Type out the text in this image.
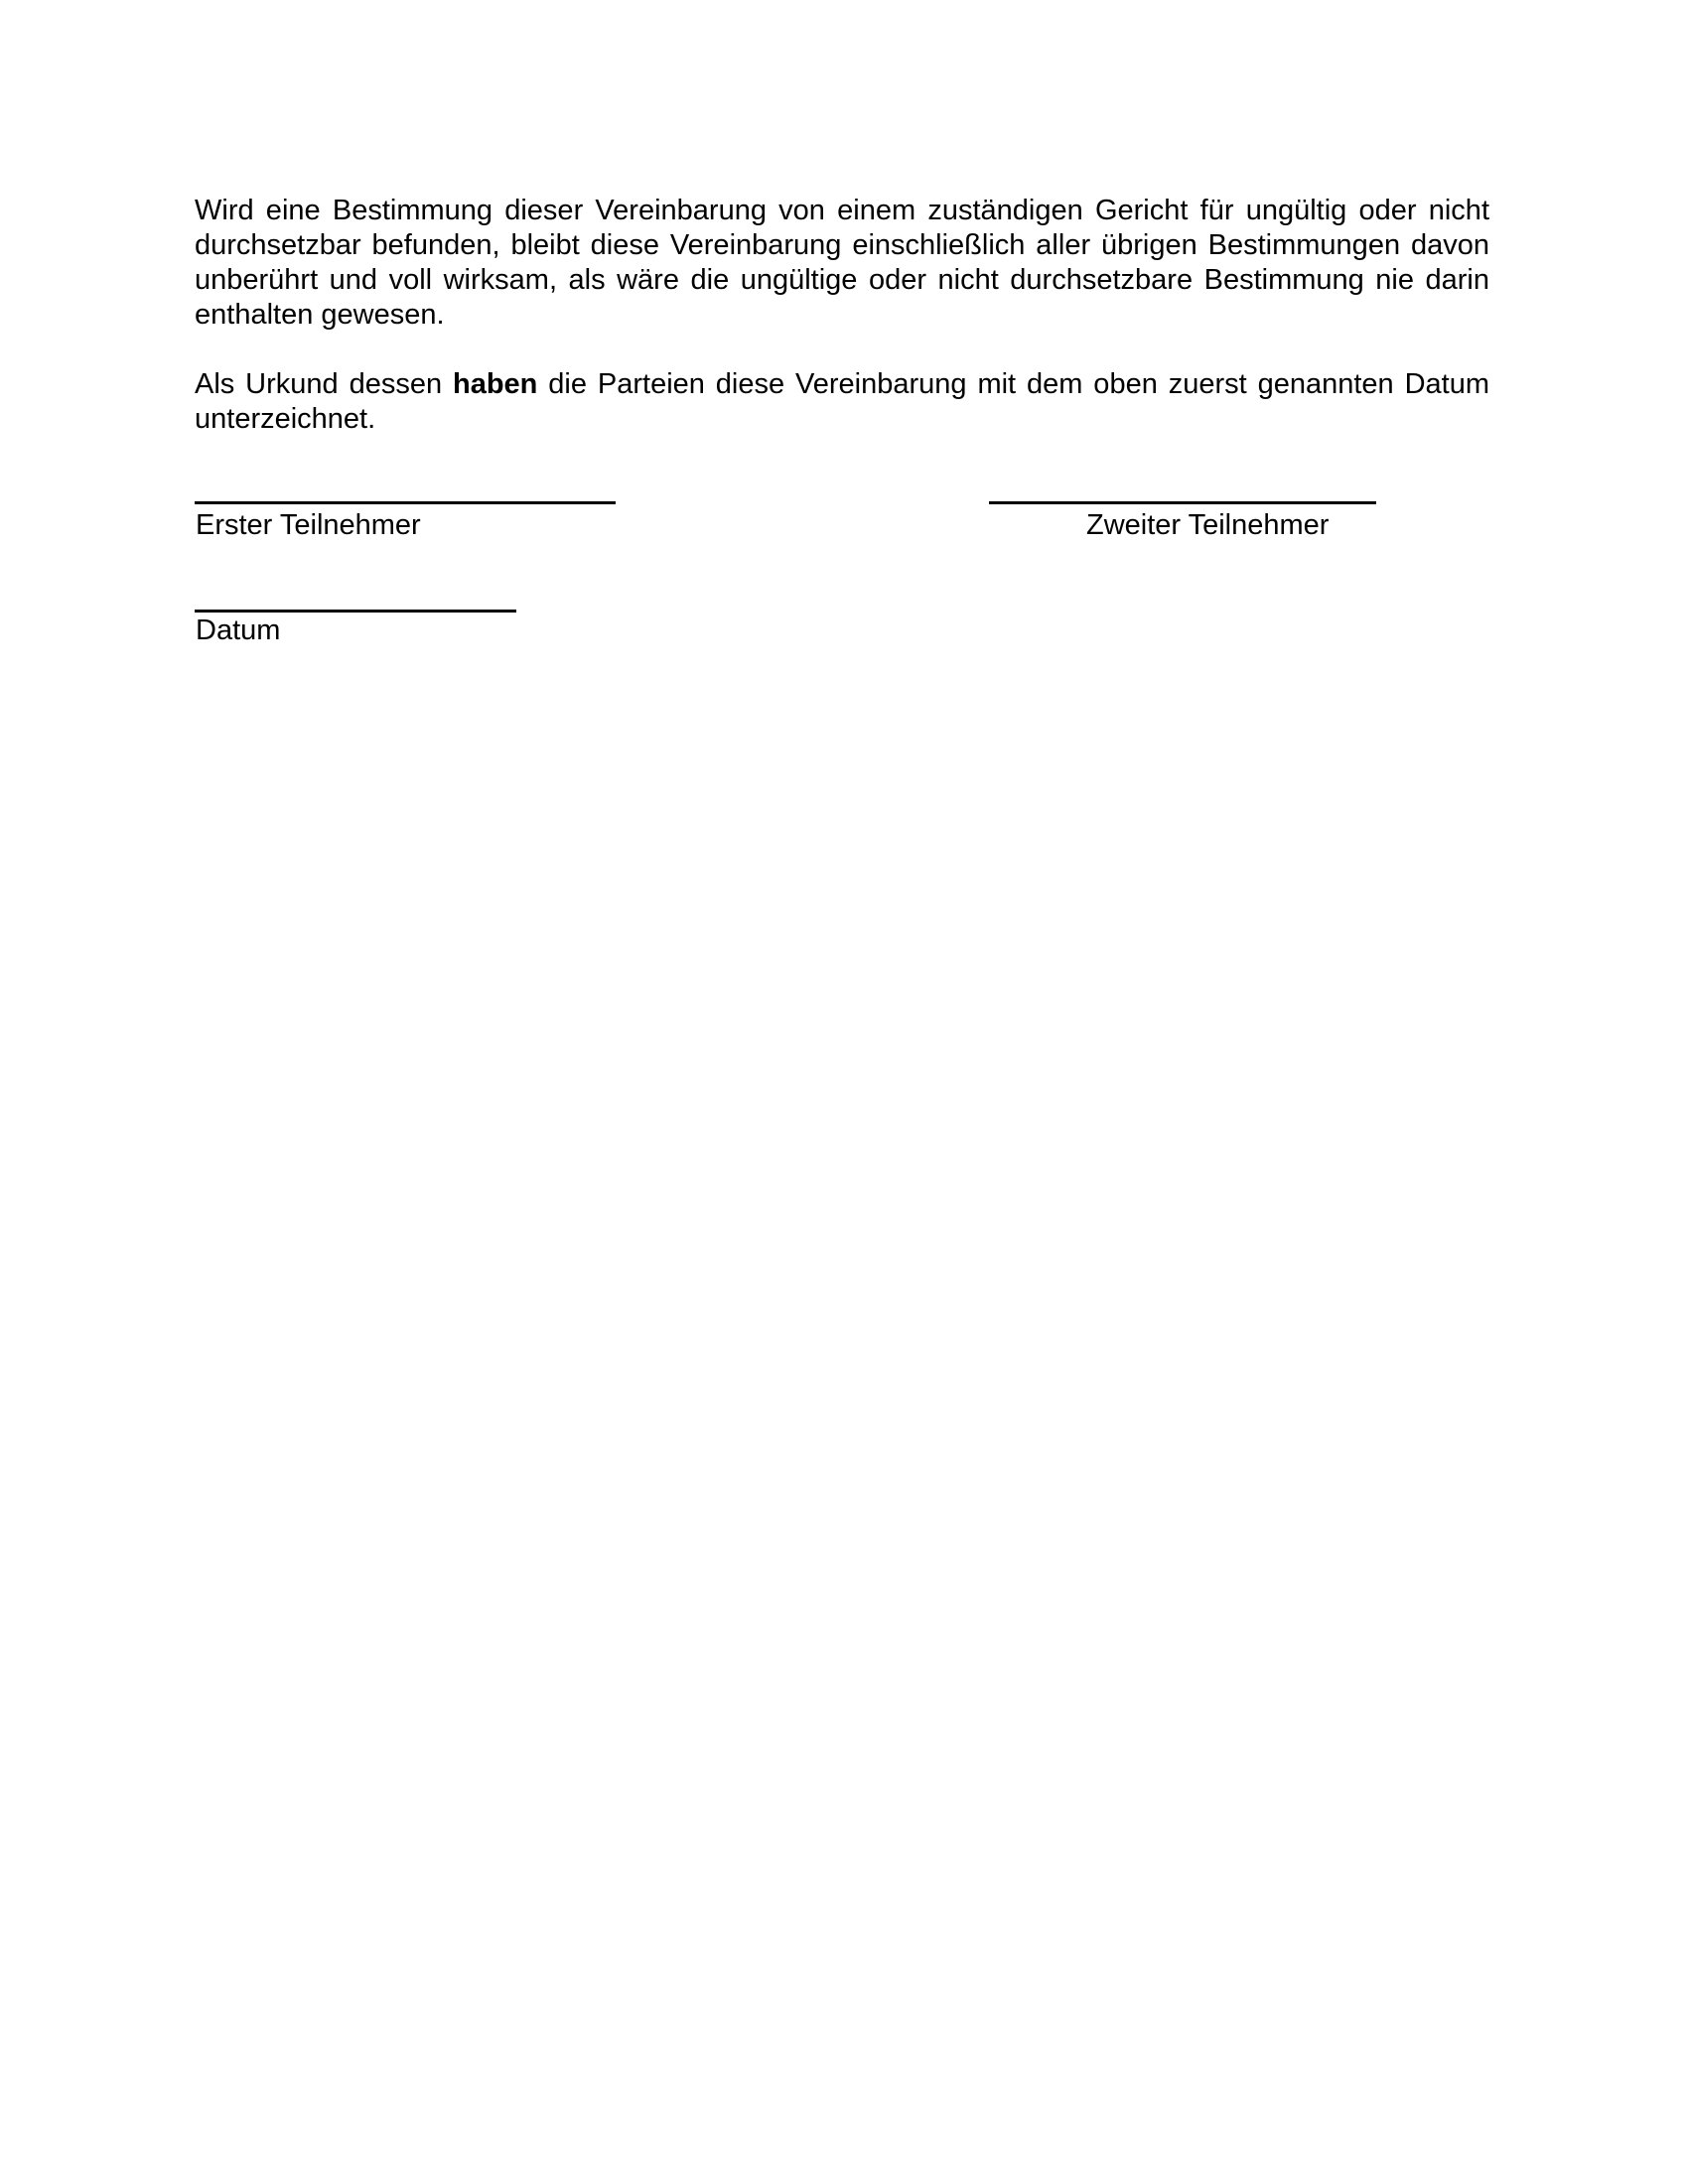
Wird eine Bestimmung dieser Vereinbarung von einem zuständigen Gericht für ungültig oder nicht durchsetzbar befunden, bleibt diese Vereinbarung einschließlich aller übrigen Bestimmungen davon unberührt und voll wirksam, als wäre die ungültige oder nicht durchsetzbare Bestimmung nie darin enthalten gewesen.

Als Urkund dessen haben die Parteien diese Vereinbarung mit dem oben zuerst genannten Datum unterzeichnet.

Erster Teilnehmer	Zweiter Teilnehmer
Datum
